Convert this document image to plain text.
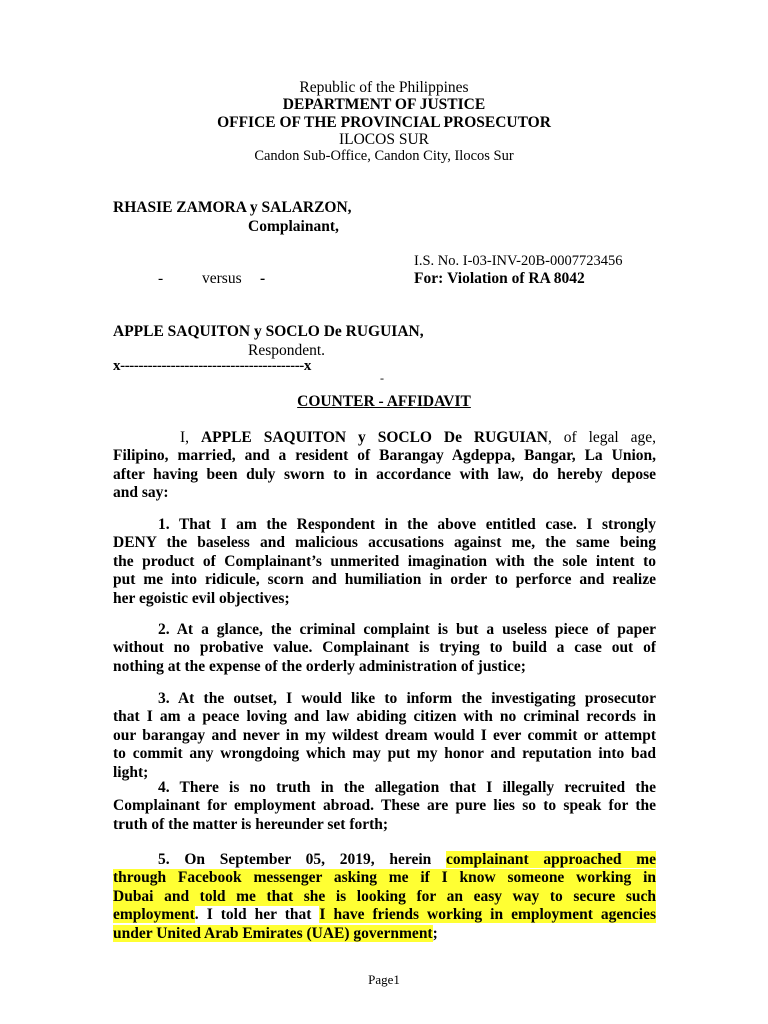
Republic of the Philippines
DEPARTMENT OF JUSTICE
OFFICE OF THE PROVINCIAL PROSECUTOR
ILOCOS SUR
Candon Sub-Office, Candon City, Ilocos Sur
RHASIE ZAMORA y SALARZON,
Complainant,
I.S. No. I-03-INV-20B-0007723456
-	versus -	For: Violation of RA 8042
APPLE SAQUITON y SOCLO De RUGUIAN,
Respondent.
x----------------------------------------x
-
COUNTER - AFFIDAVIT
I, APPLE SAQUITON y SOCLO De RUGUIAN, of legal age,
Filipino, married, and a resident of Barangay Agdeppa, Bangar, La Union,
after having been duly sworn to in accordance with law, do hereby depose
and say:
1. That I am the Respondent in the above entitled case. I strongly
DENY the baseless and malicious accusations against me, the same being
the product of Complainant’s unmerited imagination with the sole intent to
put me into ridicule, scorn and humiliation in order to perforce and realize
her egoistic evil objectives;
2. At a glance, the criminal complaint is but a useless piece of paper
without no probative value. Complainant is trying to build a case out of
nothing at the expense of the orderly administration of justice;
3. At the outset, I would like to inform the investigating prosecutor
that I am a peace loving and law abiding citizen with no criminal records in
our barangay and never in my wildest dream would I ever commit or attempt
to commit any wrongdoing which may put my honor and reputation into bad
light;
4. There is no truth in the allegation that I illegally recruited the
Complainant for employment abroad. These are pure lies so to speak for the
truth of the matter is hereunder set forth;
5. On September 05, 2019, herein complainant approached me
through Facebook messenger asking me if I know someone working in
Dubai and told me that she is looking for an easy way to secure such
employment. I told her that I have friends working in employment agencies
under United Arab Emirates (UAE) government;
Page1
